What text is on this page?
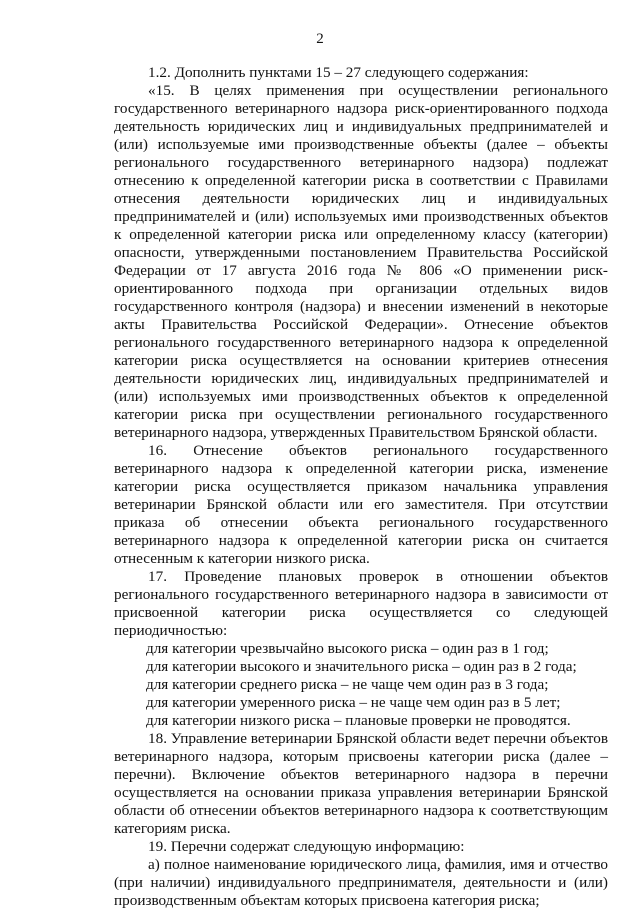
2

1.2. Дополнить пунктами 15 – 27 следующего содержания:

«15. В целях применения при осуществлении регионального государственного ветеринарного надзора риск-ориентированного подхода деятельность юридических лиц и индивидуальных предпринимателей и (или) используемые ими производственные объекты (далее – объекты регионального государственного ветеринарного надзора) подлежат отнесению к определенной категории риска в соответствии с Правилами отнесения деятельности юридических лиц и индивидуальных предпринимателей и (или) используемых ими производственных объектов к определенной категории риска или определенному классу (категории) опасности, утвержденными постановлением Правительства Российской Федерации от 17 августа 2016 года № 806 «О применении риск-ориентированного подхода при организации отдельных видов государственного контроля (надзора) и внесении изменений в некоторые акты Правительства Российской Федерации». Отнесение объектов регионального государственного ветеринарного надзора к определенной категории риска осуществляется на основании критериев отнесения деятельности юридических лиц, индивидуальных предпринимателей и (или) используемых ими производственных объектов к определенной категории риска при осуществлении регионального государственного ветеринарного надзора, утвержденных Правительством Брянской области.

16. Отнесение объектов регионального государственного ветеринарного надзора к определенной категории риска, изменение категории риска осуществляется приказом начальника управления ветеринарии Брянской области или его заместителя. При отсутствии приказа об отнесении объекта регионального государственного ветеринарного надзора к определенной категории риска он считается отнесенным к категории низкого риска.

17. Проведение плановых проверок в отношении объектов регионального государственного ветеринарного надзора в зависимости от присвоенной категории риска осуществляется со следующей периодичностью:

для категории чрезвычайно высокого риска – один раз в 1 год;
для категории высокого и значительного риска – один раз в 2 года;
для категории среднего риска – не чаще чем один раз в 3 года;
для категории умеренного риска – не чаще чем один раз в 5 лет;
для категории низкого риска – плановые проверки не проводятся.

18. Управление ветеринарии Брянской области ведет перечни объектов ветеринарного надзора, которым присвоены категории риска (далее – перечни). Включение объектов ветеринарного надзора в перечни осуществляется на основании приказа управления ветеринарии Брянской области об отнесении объектов ветеринарного надзора к соответствующим категориям риска.

19. Перечни содержат следующую информацию:

а) полное наименование юридического лица, фамилия, имя и отчество (при наличии) индивидуального предпринимателя, деятельности и (или) производственным объектам которых присвоена категория риска;
